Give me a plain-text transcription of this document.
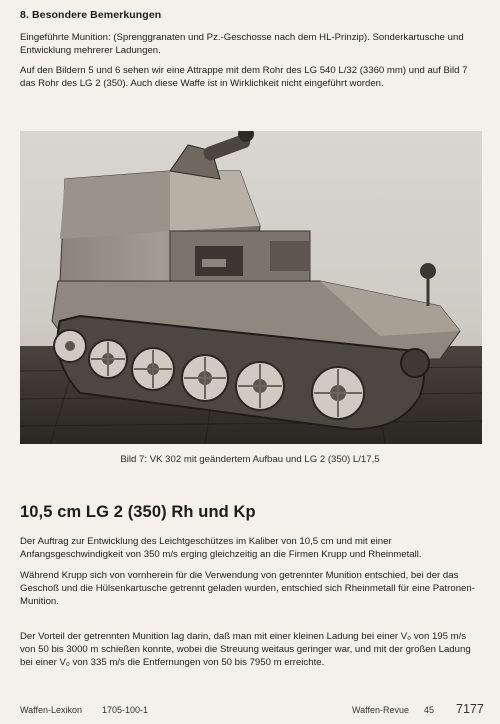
8. Besondere Bemerkungen

Eingeführte Munition: (Sprenggranaten und Pz.-Geschosse nach dem HL-Prinzip). Sonderkartusche und Entwicklung mehrerer Ladungen.

Auf den Bildern 5 und 6 sehen wir eine Attrappe mit dem Rohr des LG 540 L/32 (3360 mm) und auf Bild 7 das Rohr des LG 2 (350). Auch diese Waffe ist in Wirklichkeit nicht eingeführt worden.

Bild 7: VK 302 mit geändertem Aufbau und LG 2 (350) L/17,5
10,5 cm LG 2 (350) Rh und Kp

Der Auftrag zur Entwicklung des Leichtgeschützes im Kaliber von 10,5 cm und mit einer Anfangsgeschwindigkeit von 350 m/s erging gleichzeitig an die Firmen Krupp und Rheinmetall.

Während Krupp sich von vornherein für die Verwendung von getrennter Munition entschied, bei der das Geschoß und die Hülsenkartusche getrennt geladen wurden, entschied sich Rheinmetall für eine Patronen-Munition.

Der Vorteil der getrennten Munition lag darin, daß man mit einer kleinen Ladung bei einer V₀ von 195 m/s von 50 bis 3000 m schießen konnte, wobei die Streuung weitaus geringer war, und mit der großen Ladung bei einer V₀ von 335 m/s die Entfernungen von 50 bis 7950 m erreichte.

Waffen-Lexikon 1705-100-1	Waffen-Revue 45 7177
